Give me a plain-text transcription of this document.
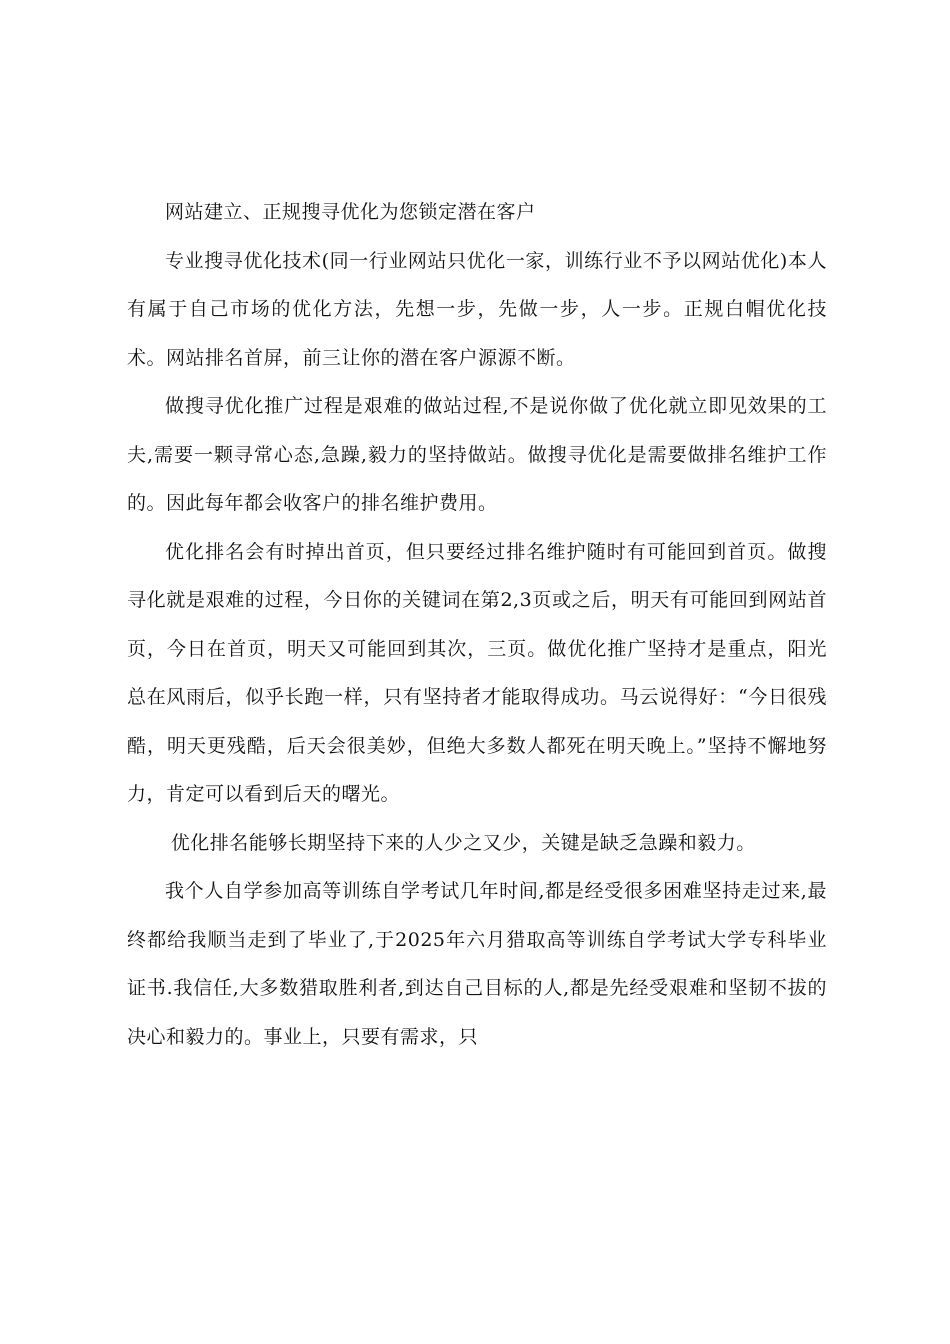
网站建立、正规搜寻优化为您锁定潜在客户

专业搜寻优化技术(同一行业网站只优化一家，训练行业不予以网站优化)本人有属于自己市场的优化方法，先想一步，先做一步，人一步。正规白帽优化技术。网站排名首屏，前三让你的潜在客户源源不断。

做搜寻优化推广过程是艰难的做站过程,不是说你做了优化就立即见效果的工夫,需要一颗寻常心态,急躁,毅力的坚持做站。做搜寻优化是需要做排名维护工作的。因此每年都会收客户的排名维护费用。

优化排名会有时掉出首页，但只要经过排名维护随时有可能回到首页。做搜寻化就是艰难的过程，今日你的关键词在第2,3页或之后，明天有可能回到网站首页，今日在首页，明天又可能回到其次，三页。做优化推广坚持才是重点，阳光总在风雨后，似乎长跑一样，只有坚持者才能取得成功。马云说得好：“今日很残酷，明天更残酷，后天会很美妙，但绝大多数人都死在明天晚上。”坚持不懈地努力，肯定可以看到后天的曙光。

优化排名能够长期坚持下来的人少之又少，关键是缺乏急躁和毅力。

我个人自学参加高等训练自学考试几年时间,都是经受很多困难坚持走过来,最终都给我顺当走到了毕业了,于2025年六月猎取高等训练自学考试大学专科毕业证书.我信任,大多数猎取胜利者,到达自己目标的人,都是先经受艰难和坚韧不拔的决心和毅力的。事业上，只要有需求，只
